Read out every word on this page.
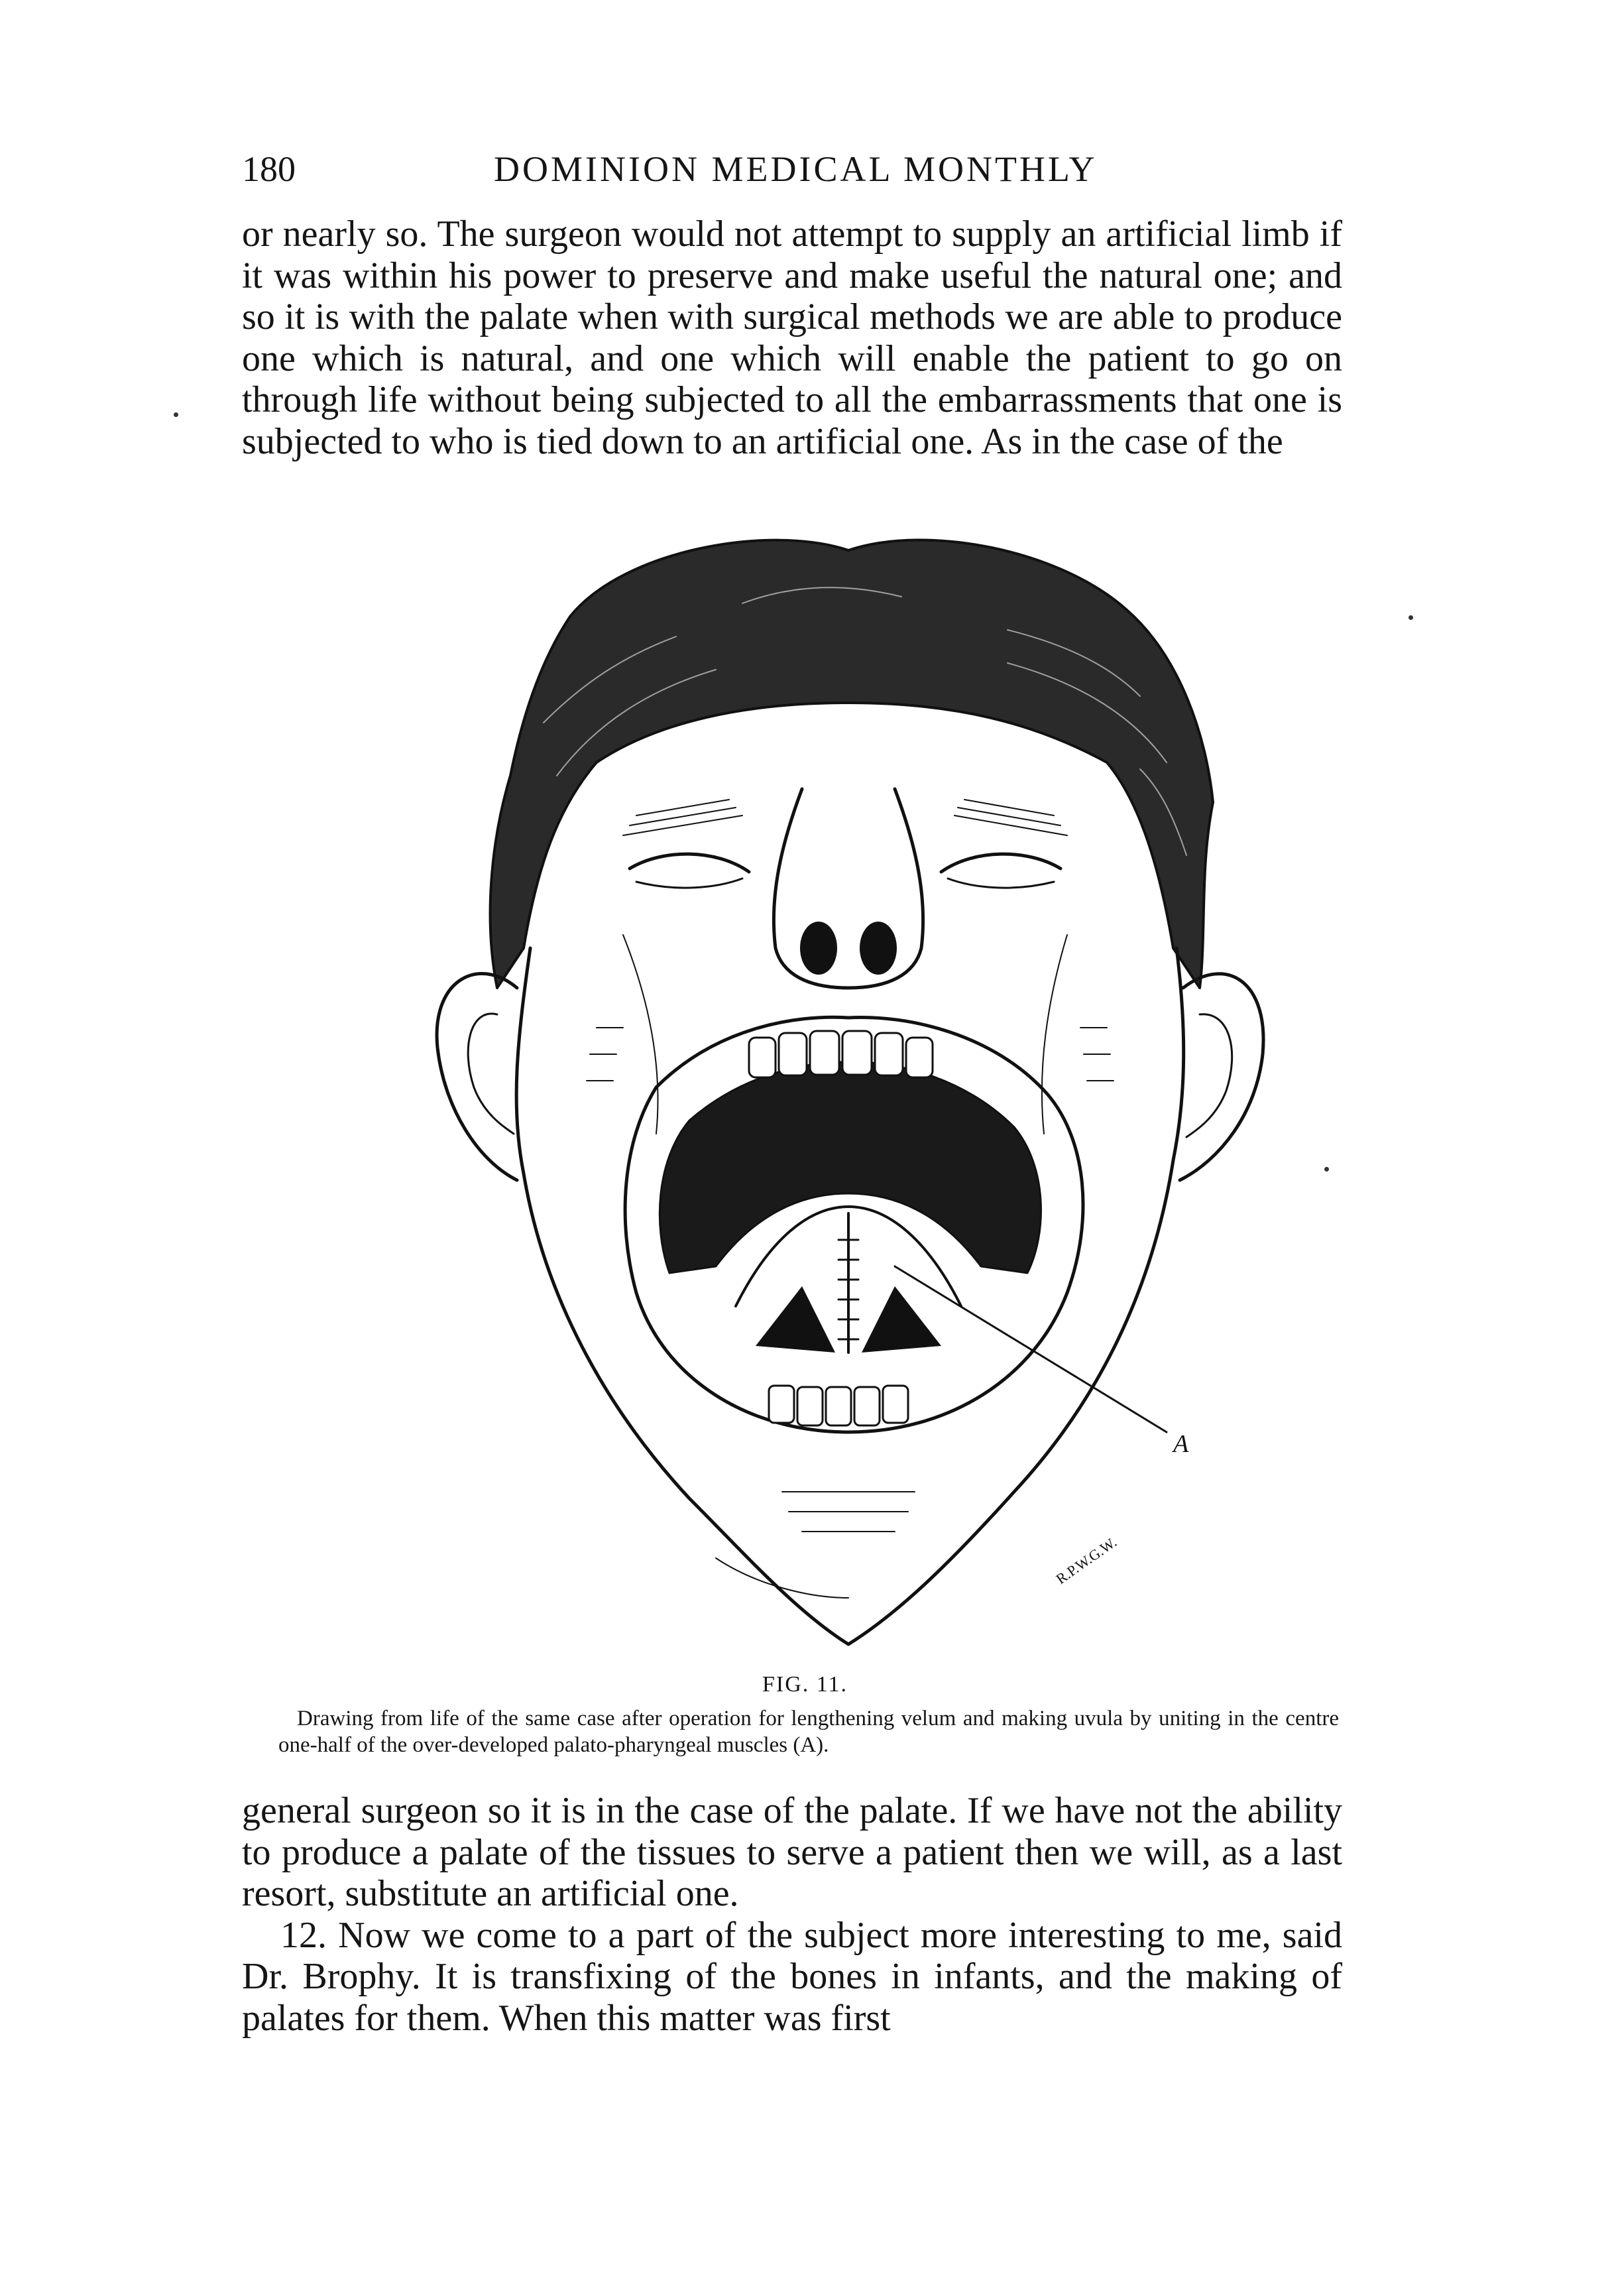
180	DOMINION MEDICAL MONTHLY

or nearly so. The surgeon would not attempt to supply an artificial limb if it was within his power to preserve and make useful the natural one; and so it is with the palate when with surgical methods we are able to produce one which is natural, and one which will enable the patient to go on through life without being subjected to all the embarrassments that one is subjected to who is tied down to an artificial one. As in the case of the

A
R.P.W.G.W.
FIG. 11.
Drawing from life of the same case after operation for lengthening velum and making uvula by uniting in the centre one-half of the over-developed palato-pharyngeal muscles (A).

general surgeon so it is in the case of the palate. If we have not the ability to produce a palate of the tissues to serve a patient then we will, as a last resort, substitute an artificial one.

12. Now we come to a part of the subject more interesting to me, said Dr. Brophy. It is transfixing of the bones in infants, and the making of palates for them. When this matter was first
